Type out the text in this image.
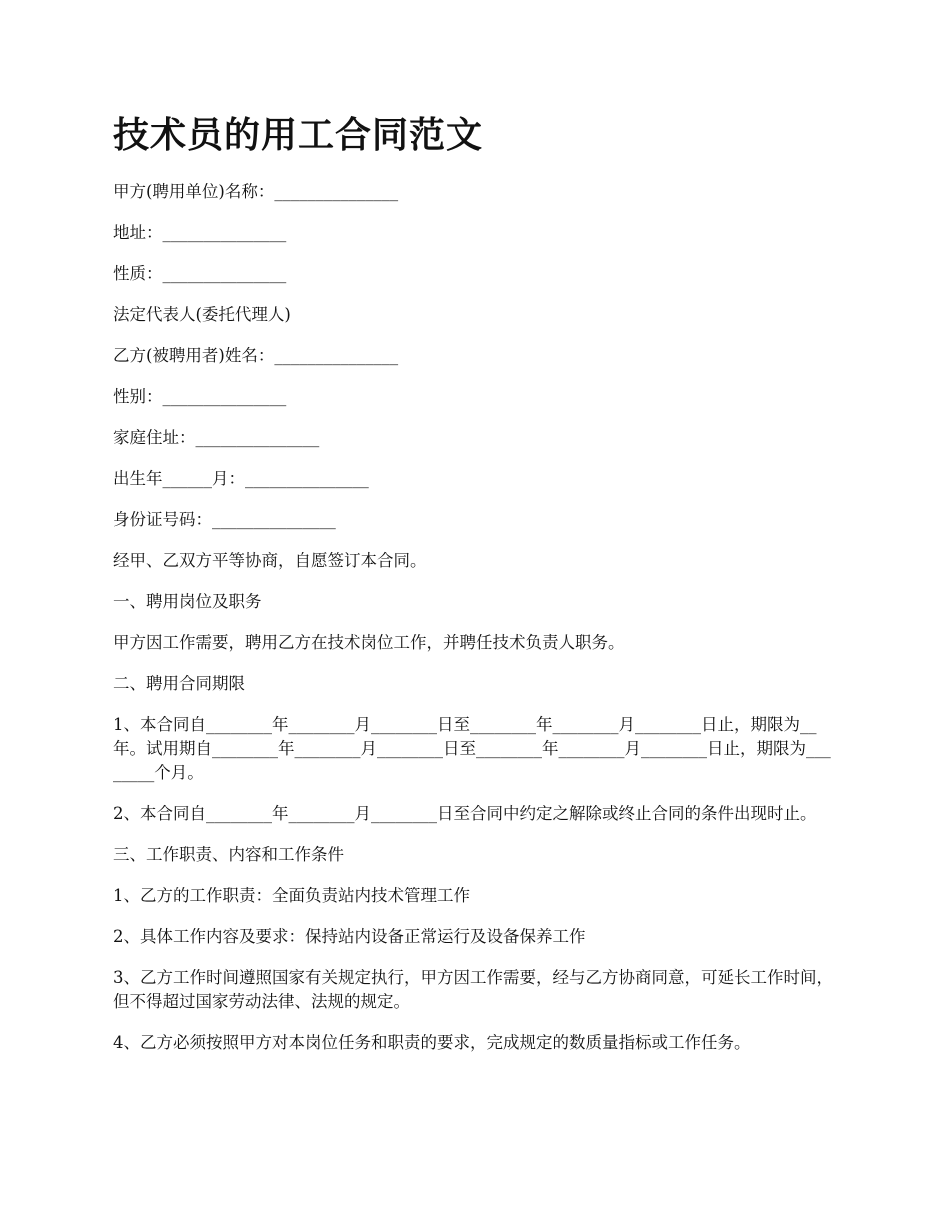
技术员的用工合同范文

甲方(聘用单位)名称：_______________

地址：_______________

性质：_______________

法定代表人(委托代理人)

乙方(被聘用者)姓名：_______________

性别：_______________

家庭住址：_______________

出生年______月：_______________

身份证号码：_______________

经甲、乙双方平等协商，自愿签订本合同。

一、聘用岗位及职务

甲方因工作需要，聘用乙方在技术岗位工作，并聘任技术负责人职务。

二、聘用合同期限

1、本合同自________年________月________日至________年________月________日止，期限为__年。试用期自________年________月________日至________年________月________日止，期限为________个月。

2、本合同自________年________月________日至合同中约定之解除或终止合同的条件出现时止。

三、工作职责、内容和工作条件

1、乙方的工作职责：全面负责站内技术管理工作

2、具体工作内容及要求：保持站内设备正常运行及设备保养工作

3、乙方工作时间遵照国家有关规定执行，甲方因工作需要，经与乙方协商同意，可延长工作时间，但不得超过国家劳动法律、法规的规定。

4、乙方必须按照甲方对本岗位任务和职责的要求，完成规定的数质量指标或工作任务。
